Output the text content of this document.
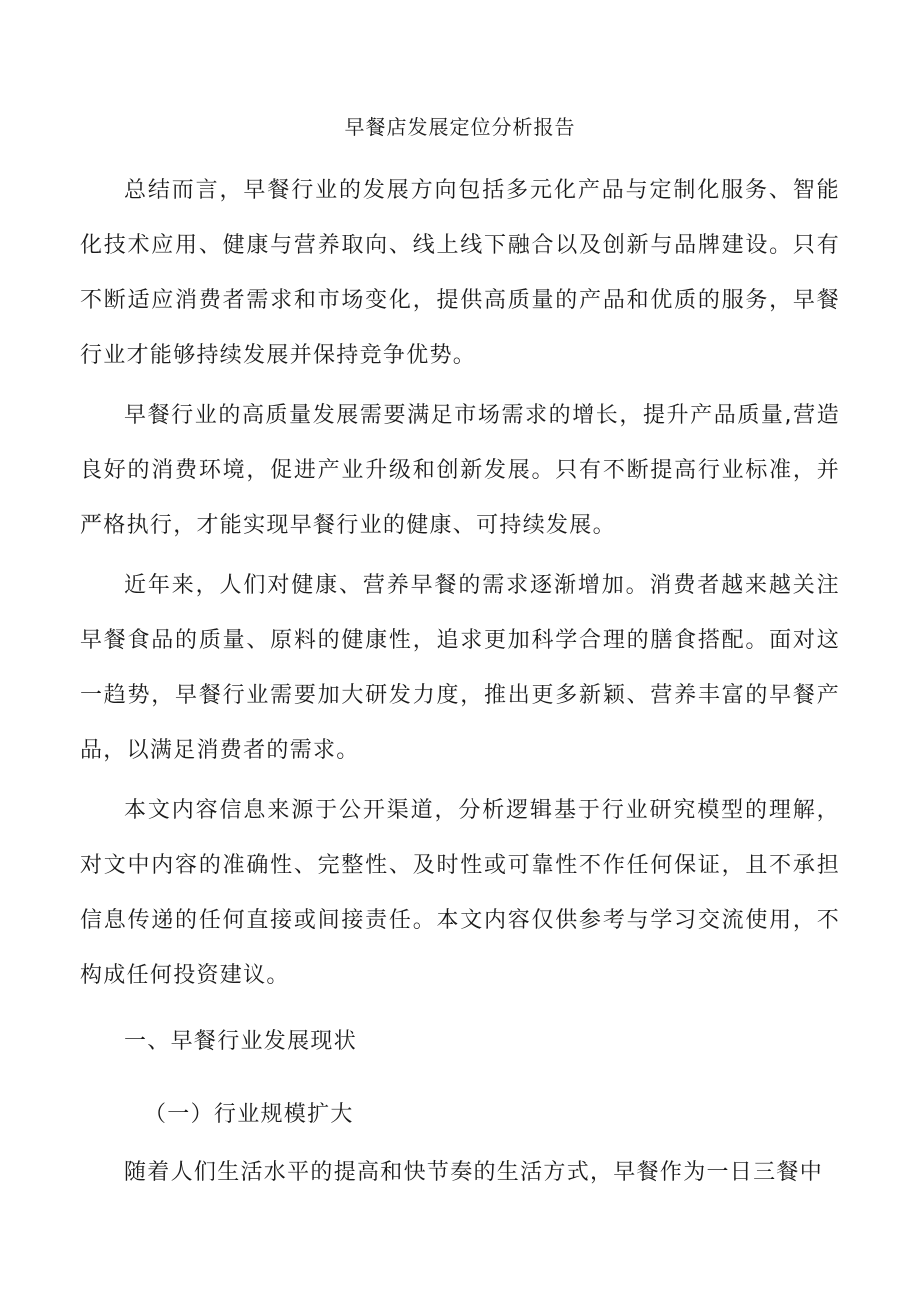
早餐店发展定位分析报告

总结而言，早餐行业的发展方向包括多元化产品与定制化服务、智能化技术应用、健康与营养取向、线上线下融合以及创新与品牌建设。只有不断适应消费者需求和市场变化，提供高质量的产品和优质的服务，早餐行业才能够持续发展并保持竞争优势。

早餐行业的高质量发展需要满足市场需求的增长，提升产品质量,营造良好的消费环境，促进产业升级和创新发展。只有不断提高行业标准，并严格执行，才能实现早餐行业的健康、可持续发展。

近年来，人们对健康、营养早餐的需求逐渐增加。消费者越来越关注早餐食品的质量、原料的健康性，追求更加科学合理的膳食搭配。面对这一趋势，早餐行业需要加大研发力度，推出更多新颖、营养丰富的早餐产品，以满足消费者的需求。

本文内容信息来源于公开渠道，分析逻辑基于行业研究模型的理解，对文中内容的准确性、完整性、及时性或可靠性不作任何保证，且不承担信息传递的任何直接或间接责任。本文内容仅供参考与学习交流使用，不构成任何投资建议。

一、早餐行业发展现状

（一）行业规模扩大

随着人们生活水平的提高和快节奏的生活方式，早餐作为一日三餐中
